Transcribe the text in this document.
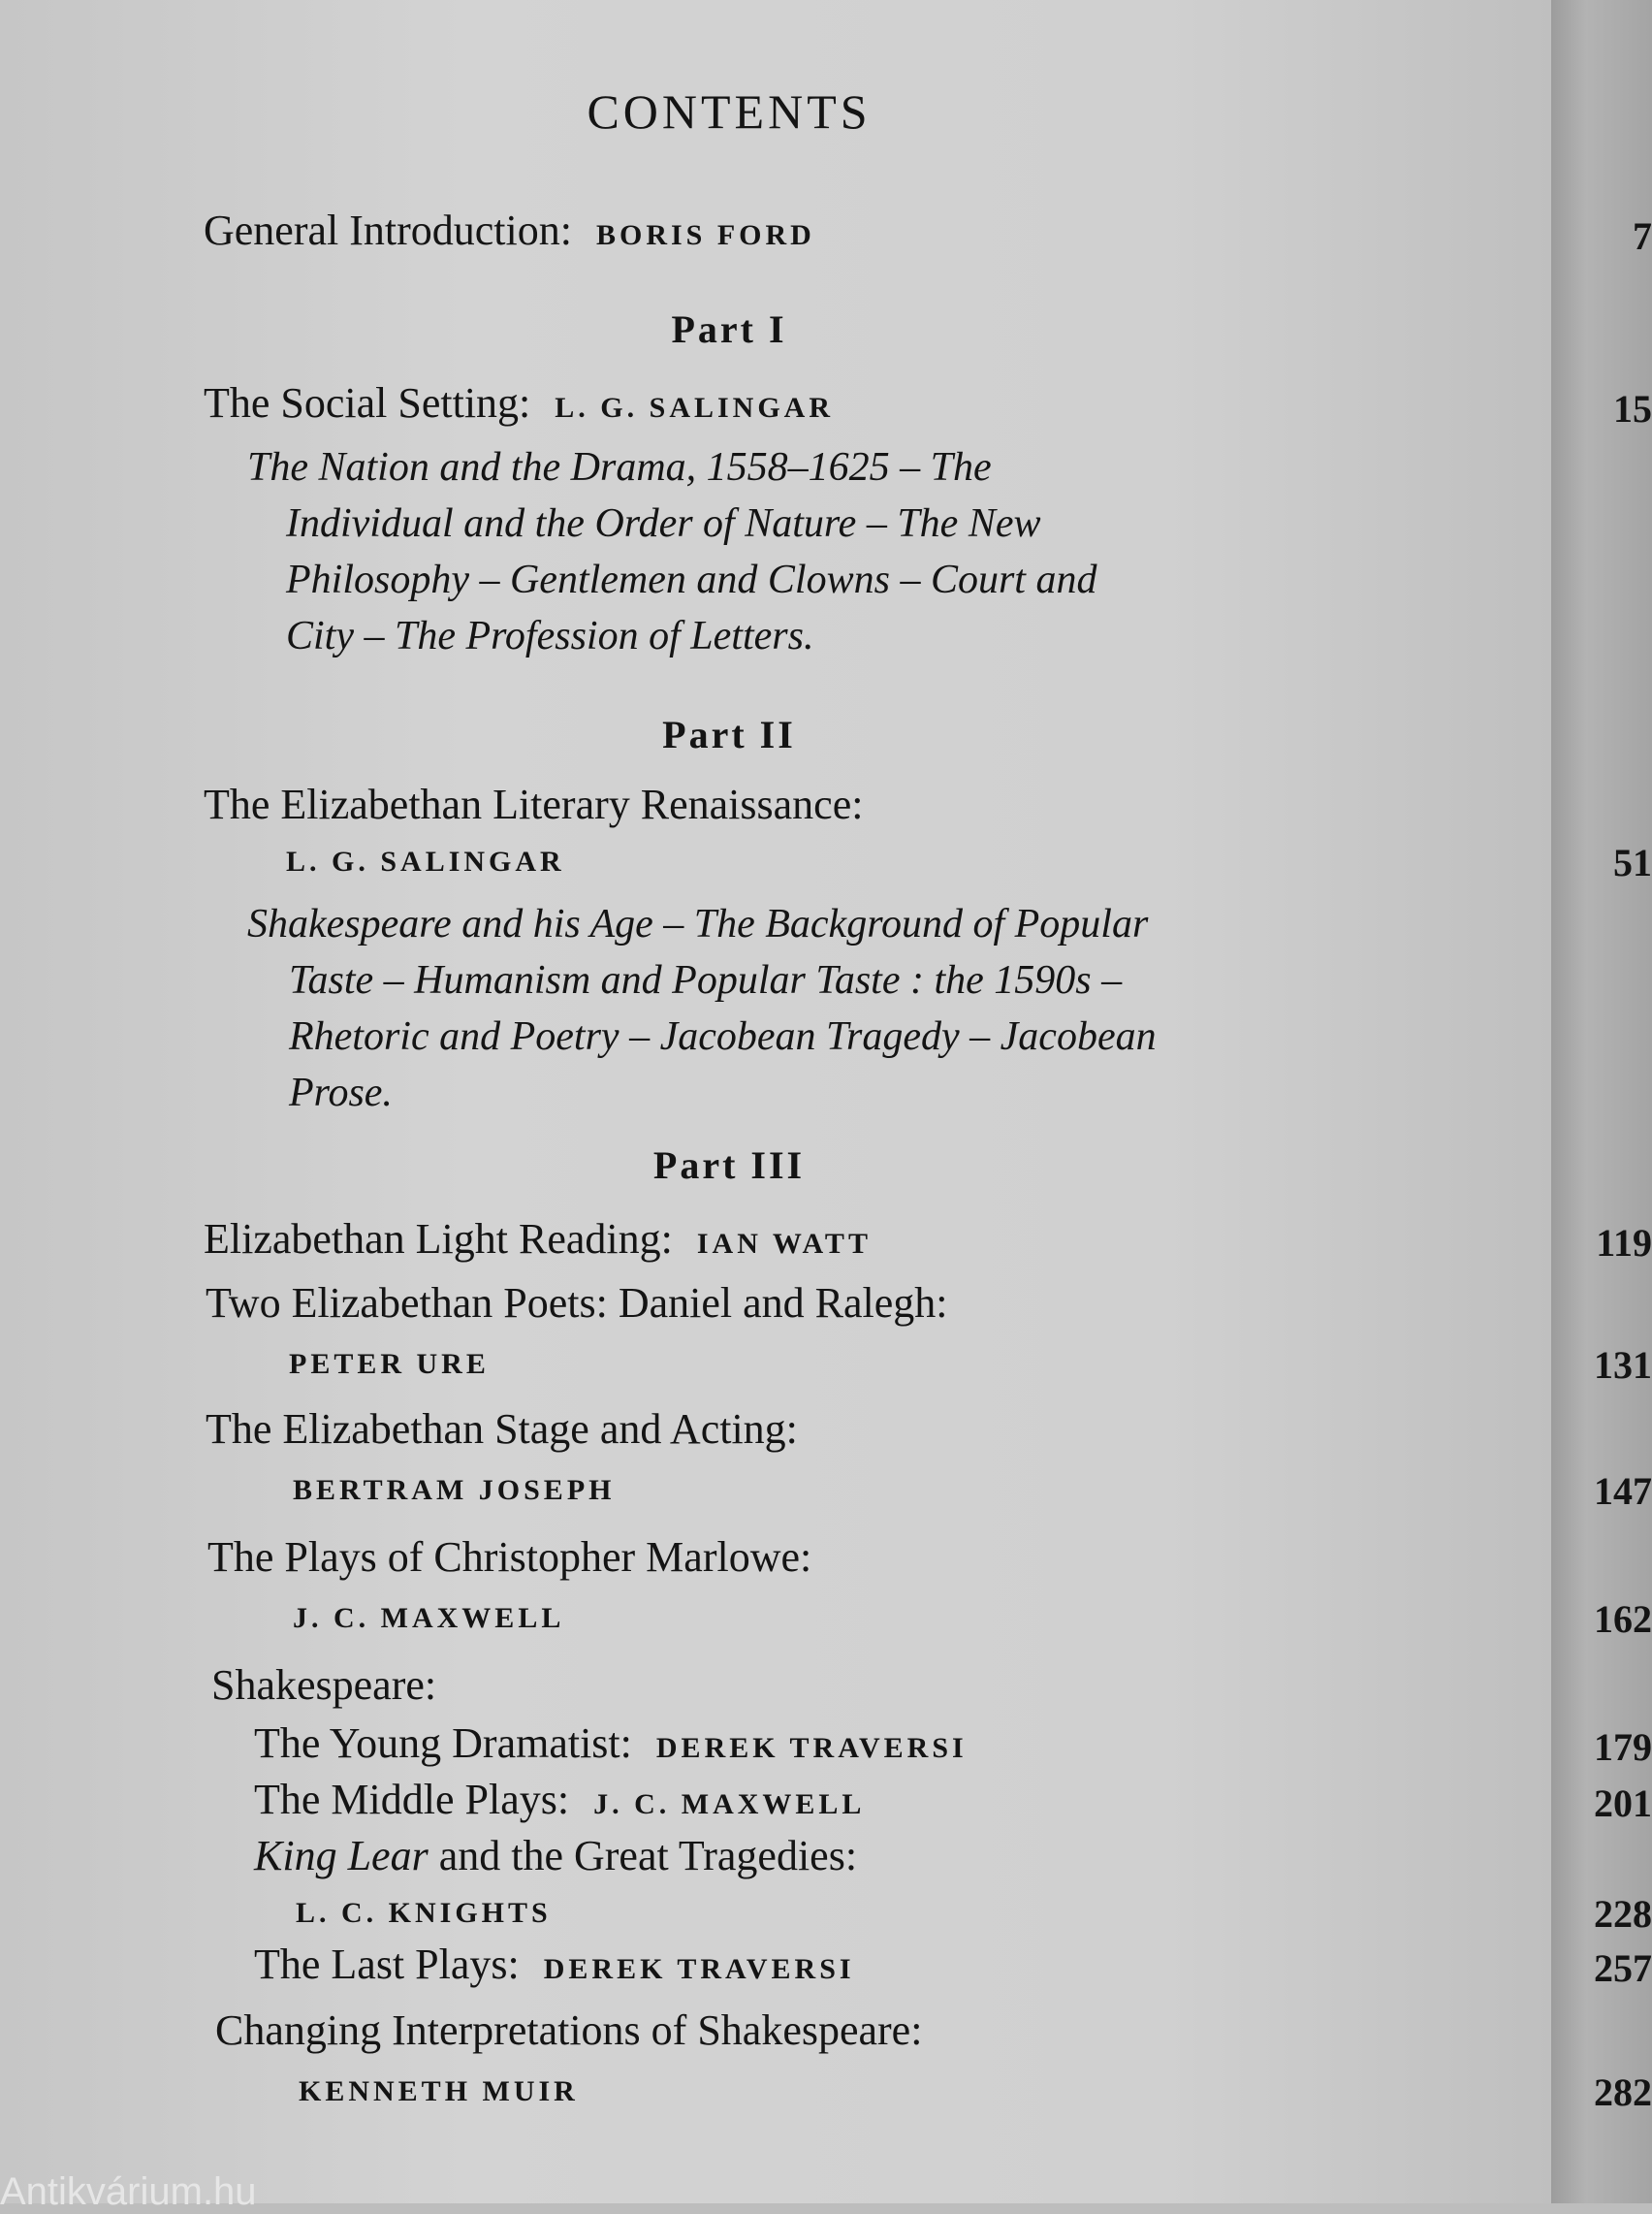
CONTENTS
General Introduction: BORIS FORD	7
Part I
The Social Setting: L. G. SALINGAR	15
The Nation and the Drama, 1558–1625 – The
Individual and the Order of Nature – The New
Philosophy – Gentlemen and Clowns – Court and
City – The Profession of Letters.
Part II
The Elizabethan Literary Renaissance:
L. G. SALINGAR	51
Shakespeare and his Age – The Background of Popular
Taste – Humanism and Popular Taste : the 1590s –
Rhetoric and Poetry – Jacobean Tragedy – Jacobean
Prose.
Part III
Elizabethan Light Reading: IAN WATT	119
Two Elizabethan Poets: Daniel and Ralegh:
PETER URE	131
The Elizabethan Stage and Acting:
BERTRAM JOSEPH	147
The Plays of Christopher Marlowe:
J. C. MAXWELL	162
Shakespeare:
The Young Dramatist: DEREK TRAVERSI	179
The Middle Plays: J. C. MAXWELL	201
King Lear and the Great Tragedies:
L. C. KNIGHTS	228
The Last Plays: DEREK TRAVERSI	257
Changing Interpretations of Shakespeare:
KENNETH MUIR	282
Antikvárium.hu
